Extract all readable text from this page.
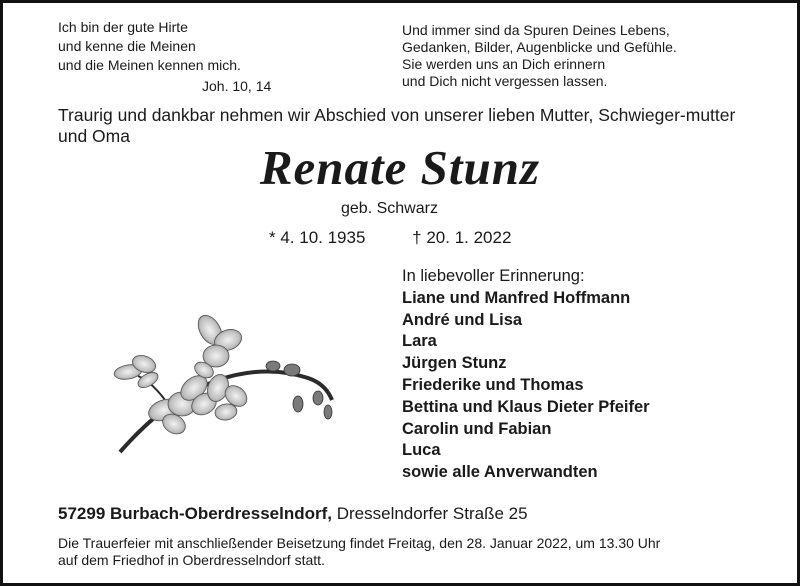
Ich bin der gute Hirte
und kenne die Meinen
und die Meinen kennen mich.
Joh. 10, 14
Und immer sind da Spuren Deines Lebens,
Gedanken, Bilder, Augenblicke und Gefühle.
Sie werden uns an Dich erinnern
und Dich nicht vergessen lassen.
Traurig und dankbar nehmen wir Abschied von unserer lieben Mutter, Schwieger-mutter und Oma
Renate Stunz
geb. Schwarz
* 4. 10. 1935	† 20. 1. 2022
In liebevoller Erinnerung:
Liane und Manfred Hoffmann
André und Lisa
Lara
Jürgen Stunz
Friederike und Thomas
Bettina und Klaus Dieter Pfeifer
Carolin und Fabian
Luca
sowie alle Anverwandten
57299 Burbach-Oberdresselndorf, Dresselndorfer Straße 25
Die Trauerfeier mit anschließender Beisetzung findet Freitag, den 28. Januar 2022, um 13.30 Uhr
auf dem Friedhof in Oberdresselndorf statt.
